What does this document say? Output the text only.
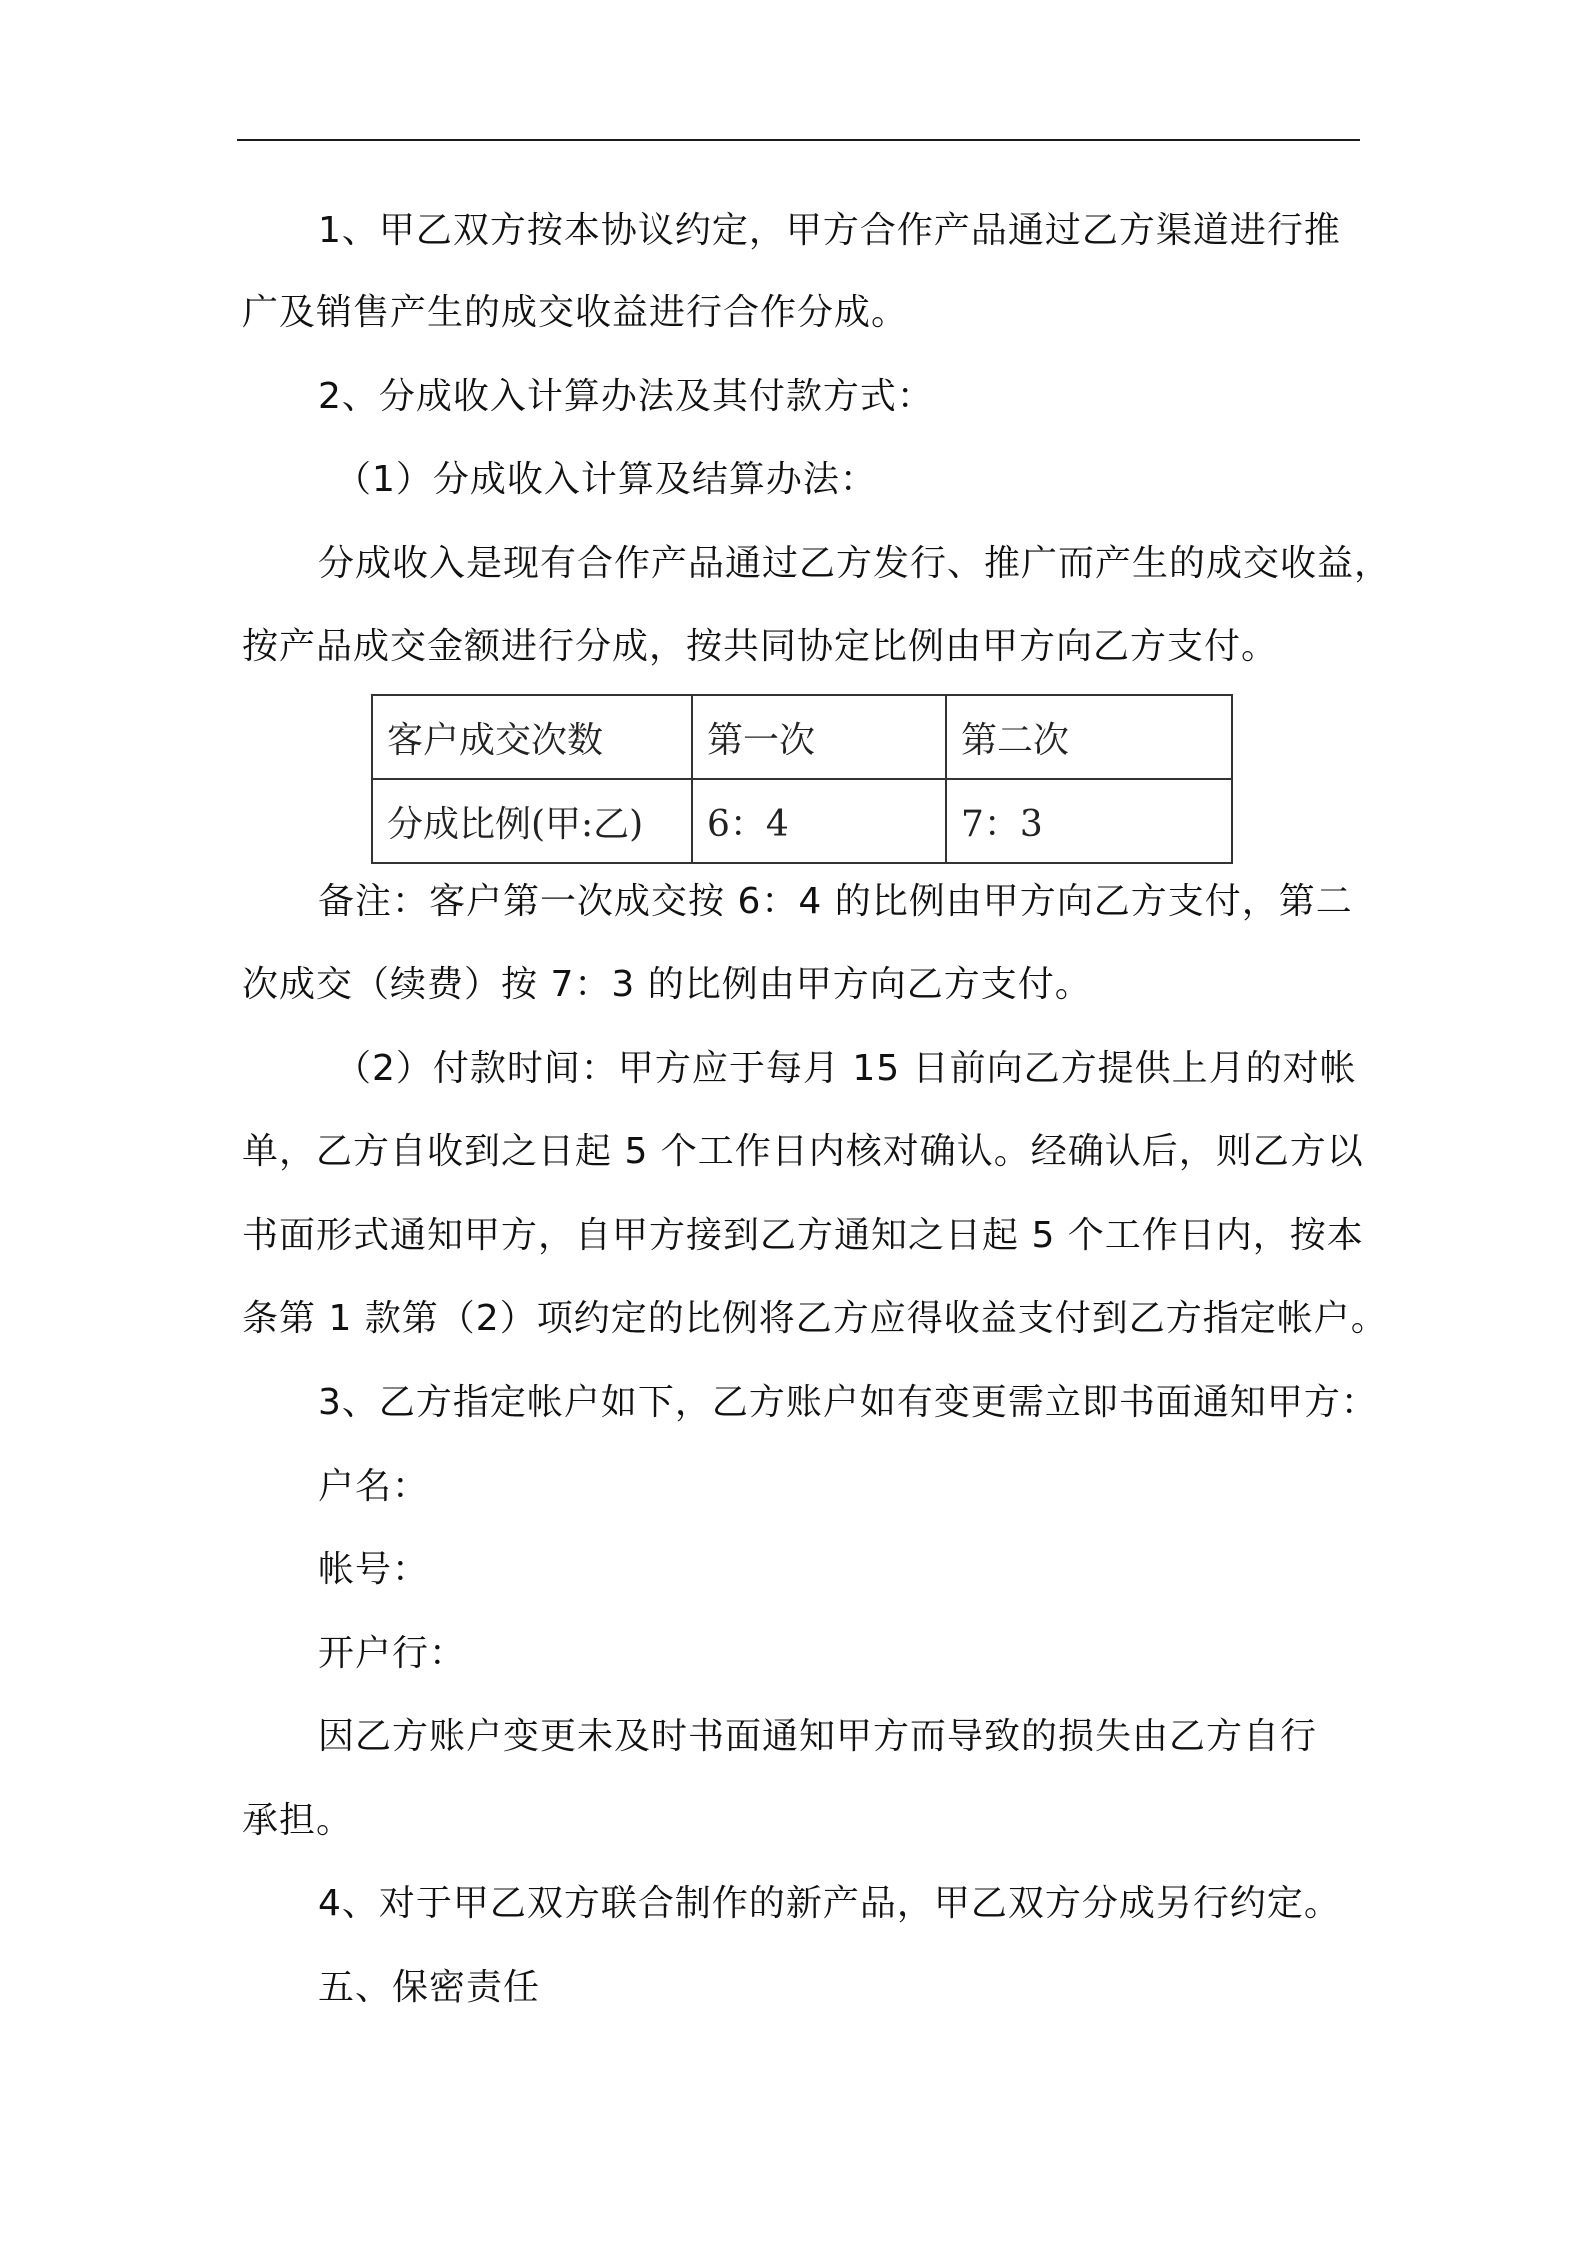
1、甲乙双方按本协议约定，甲方合作产品通过乙方渠道进行推
广及销售产生的成交收益进行合作分成。
2、分成收入计算办法及其付款方式：
（1）分成收入计算及结算办法：
分成收入是现有合作产品通过乙方发行、推广而产生的成交收益，
按产品成交金额进行分成，按共同协定比例由甲方向乙方支付。
客户成交次数	第一次	第二次
分成比例(甲:乙)	6：4	7：3
备注：客户第一次成交按 6：4 的比例由甲方向乙方支付，第二
次成交（续费）按 7：3 的比例由甲方向乙方支付。
（2）付款时间：甲方应于每月 15 日前向乙方提供上月的对帐
单，乙方自收到之日起 5 个工作日内核对确认。经确认后，则乙方以
书面形式通知甲方，自甲方接到乙方通知之日起 5 个工作日内，按本
条第 1 款第（2）项约定的比例将乙方应得收益支付到乙方指定帐户。
3、乙方指定帐户如下，乙方账户如有变更需立即书面通知甲方：
户名：
帐号：
开户行：
因乙方账户变更未及时书面通知甲方而导致的损失由乙方自行
承担。
4、对于甲乙双方联合制作的新产品，甲乙双方分成另行约定。
五、保密责任
